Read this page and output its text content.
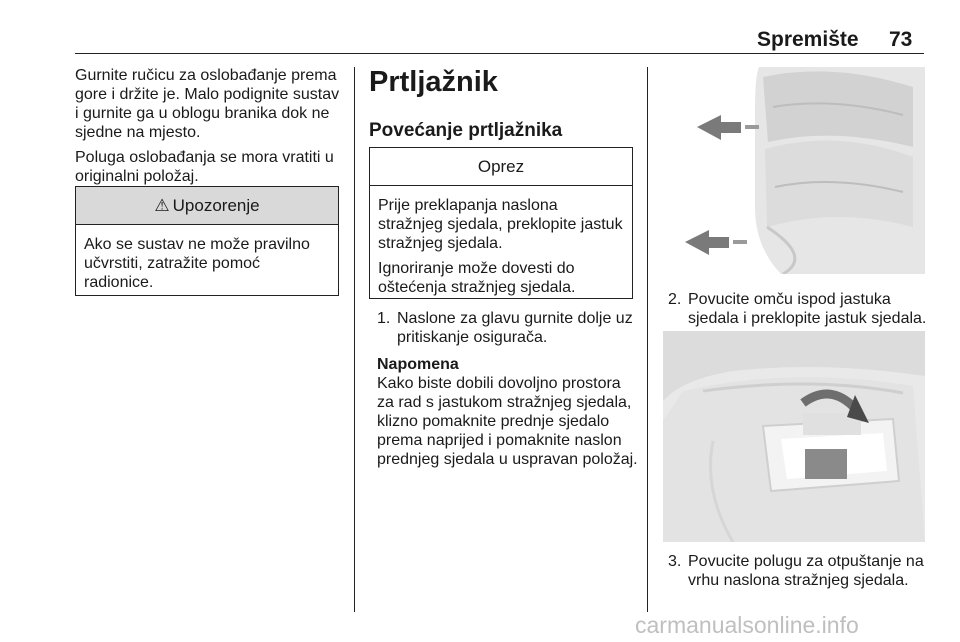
Spremište 73

Gurnite ručicu za oslobađanje prema gore i držite je. Malo podignite sustav i gurnite ga u oblogu branika dok ne sjedne na mjesto.

Poluga oslobađanja se mora vratiti u originalni položaj.

⚠ Upozorenje

Ako se sustav ne može pravilno učvrstiti, zatražite pomoć radionice.

Prtljažnik
Povećanje prtljažnika
Oprez

Prije preklapanja naslona stražnjeg sjedala, preklopite jastuk stražnjeg sjedala.

Ignoriranje može dovesti do oštećenja stražnjeg sjedala.

1. Naslone za glavu gurnite dolje uz pritiskanje osigurača.
Napomena
Kako biste dobili dovoljno prostora za rad s jastukom stražnjeg sjedala, klizno pomaknite prednje sjedalo prema naprijed i pomaknite naslon prednjeg sjedala u uspravan položaj.
2. Povucite omču ispod jastuka sjedala i preklopite jastuk sjedala.
3. Povucite polugu za otpuštanje na vrhu naslona stražnjeg sjedala.
carmanualsonline.info
